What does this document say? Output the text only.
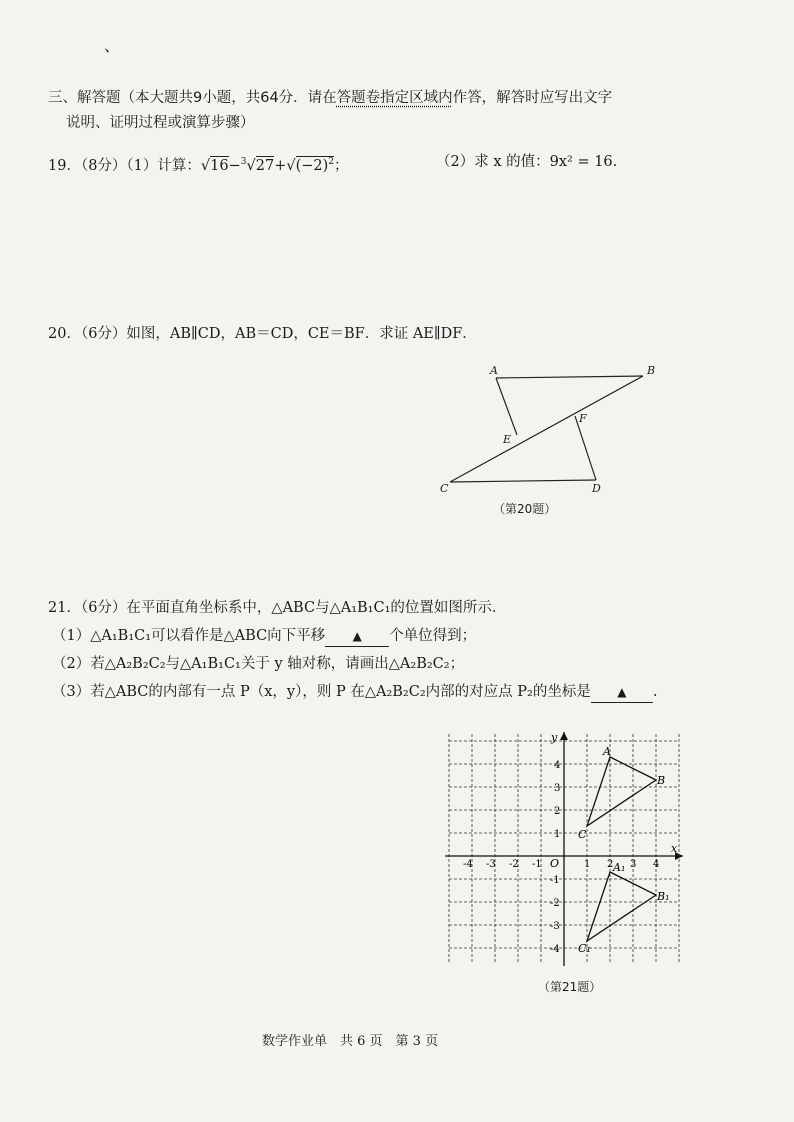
、
三、解答题（本大题共9小题，共64分．请在答题卷指定区域内作答，解答时应写出文字
说明、证明过程或演算步骤）
19．（8分）（1）计算：$√16-^3√27+√(-2)^2$；	（2）求 x 的值：9x² = 16.
20．（6分）如图，AB∥CD，AB＝CD，CE＝BF．求证 AE∥DF．
A	B
C	D
E
F
（第20题）
21．（6分）在平面直角坐标系中，△ABC与△A₁B₁C₁的位置如图所示．
（1）△A₁B₁C₁可以看作是△ABC向下平移 ▲ 个单位得到；
（2）若△A₂B₂C₂与△A₁B₁C₁关于 y 轴对称，请画出△A₂B₂C₂；
（3）若△ABC的内部有一点 P（x，y），则 P 在△A₂B₂C₂内部的对应点 P₂的坐标是 ▲ .
x
y
O
-4 -3 -2 -1	1 2 3 4
4
3
2
1
-1
-2
-3
-4
A
B
C
A₁
B₁
C₁
（第21题）
数学作业单　共 6 页　第 3 页
